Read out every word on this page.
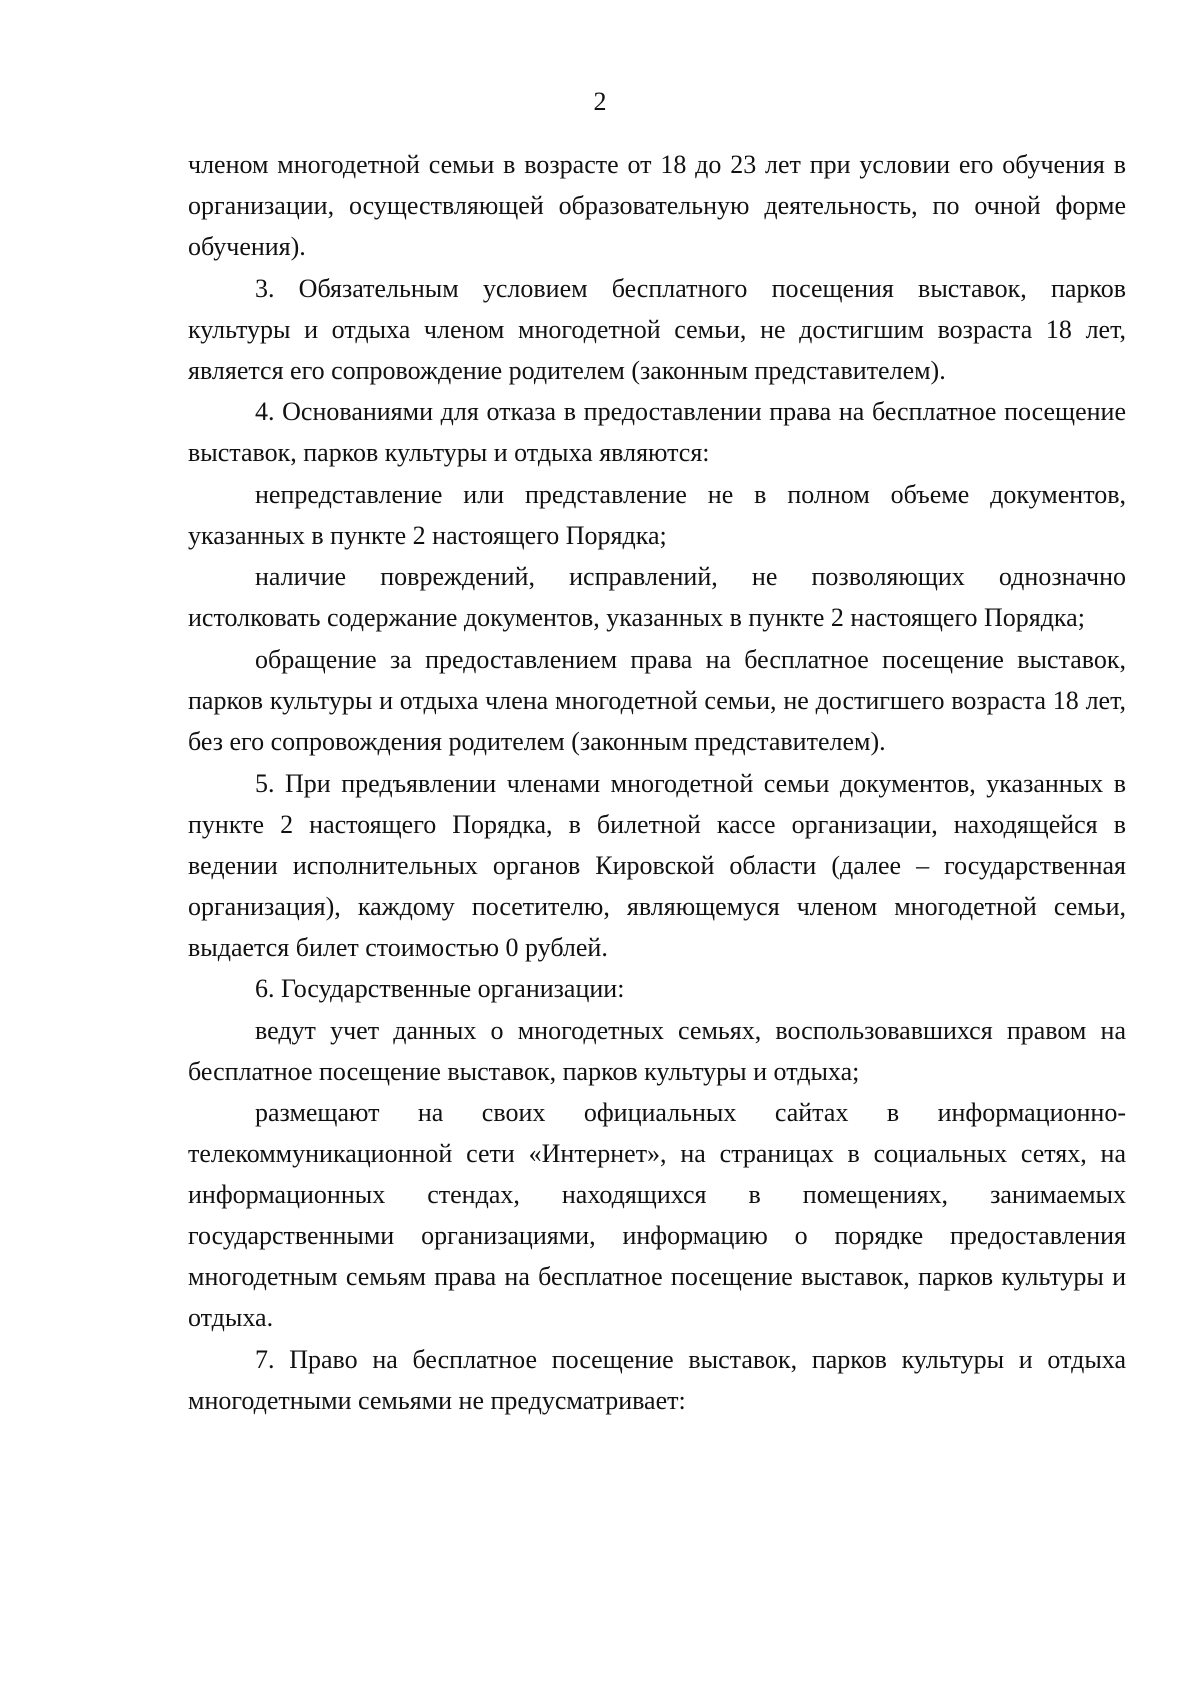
2

членом многодетной семьи в возрасте от 18 до 23 лет при условии его обучения в организации, осуществляющей образовательную деятельность, по очной форме обучения).

3. Обязательным условием бесплатного посещения выставок, парков культуры и отдыха членом многодетной семьи, не достигшим возраста 18 лет, является его сопровождение родителем (законным представителем).

4. Основаниями для отказа в предоставлении права на бесплатное посещение выставок, парков культуры и отдыха являются:

непредставление или представление не в полном объеме документов, указанных в пункте 2 настоящего Порядка;

наличие повреждений, исправлений, не позволяющих однозначно истолковать содержание документов, указанных в пункте 2 настоящего Порядка;

обращение за предоставлением права на бесплатное посещение выставок, парков культуры и отдыха члена многодетной семьи, не достигшего возраста 18 лет, без его сопровождения родителем (законным представителем).

5. При предъявлении членами многодетной семьи документов, указанных в пункте 2 настоящего Порядка, в билетной кассе организации, находящейся в ведении исполнительных органов Кировской области (далее – государственная организация), каждому посетителю, являющемуся членом многодетной семьи, выдается билет стоимостью 0 рублей.

6. Государственные организации:

ведут учет данных о многодетных семьях, воспользовавшихся правом на бесплатное посещение выставок, парков культуры и отдыха;

размещают на своих официальных сайтах в информационно-телекоммуникационной сети «Интернет», на страницах в социальных сетях, на информационных стендах, находящихся в помещениях, занимаемых государственными организациями, информацию о порядке предоставления многодетным семьям права на бесплатное посещение выставок, парков культуры и отдыха.

7. Право на бесплатное посещение выставок, парков культуры и отдыха многодетными семьями не предусматривает:
